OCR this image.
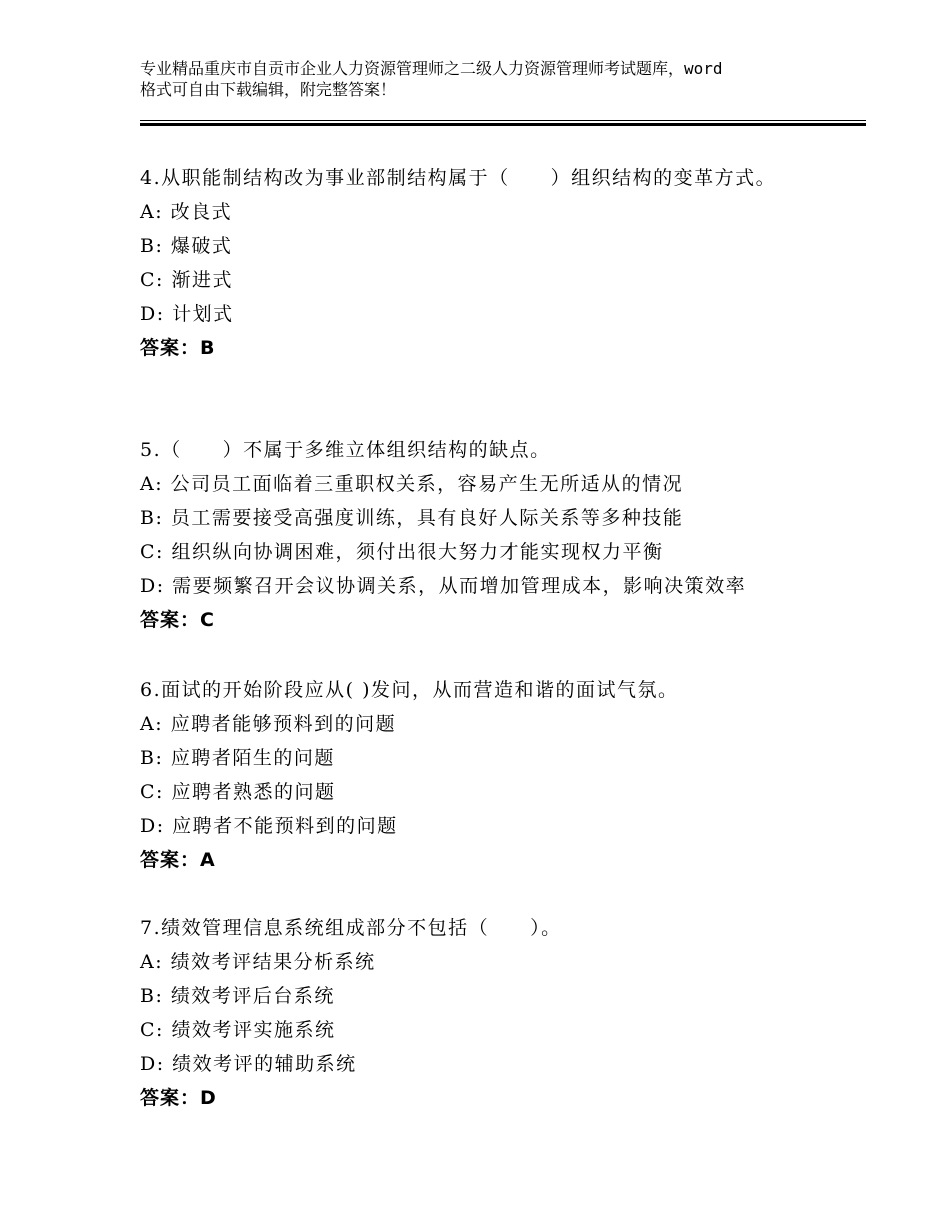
专业精品重庆市自贡市企业人力资源管理师之二级人力资源管理师考试题库，word
格式可自由下载编辑，附完整答案！
4.从职能制结构改为事业部制结构属于（　　）组织结构的变革方式。
A: 改良式
B: 爆破式
C: 渐进式
D: 计划式
答案：B
5.（　　）不属于多维立体组织结构的缺点。
A: 公司员工面临着三重职权关系，容易产生无所适从的情况
B: 员工需要接受高强度训练，具有良好人际关系等多种技能
C: 组织纵向协调困难，须付出很大努力才能实现权力平衡
D: 需要频繁召开会议协调关系，从而增加管理成本，影响决策效率
答案：C
6.面试的开始阶段应从( )发问，从而营造和谐的面试气氛。
A: 应聘者能够预料到的问题
B: 应聘者陌生的问题
C: 应聘者熟悉的问题
D: 应聘者不能预料到的问题
答案：A
7.绩效管理信息系统组成部分不包括（　　）。
A: 绩效考评结果分析系统
B: 绩效考评后台系统
C: 绩效考评实施系统
D: 绩效考评的辅助系统
答案：D
